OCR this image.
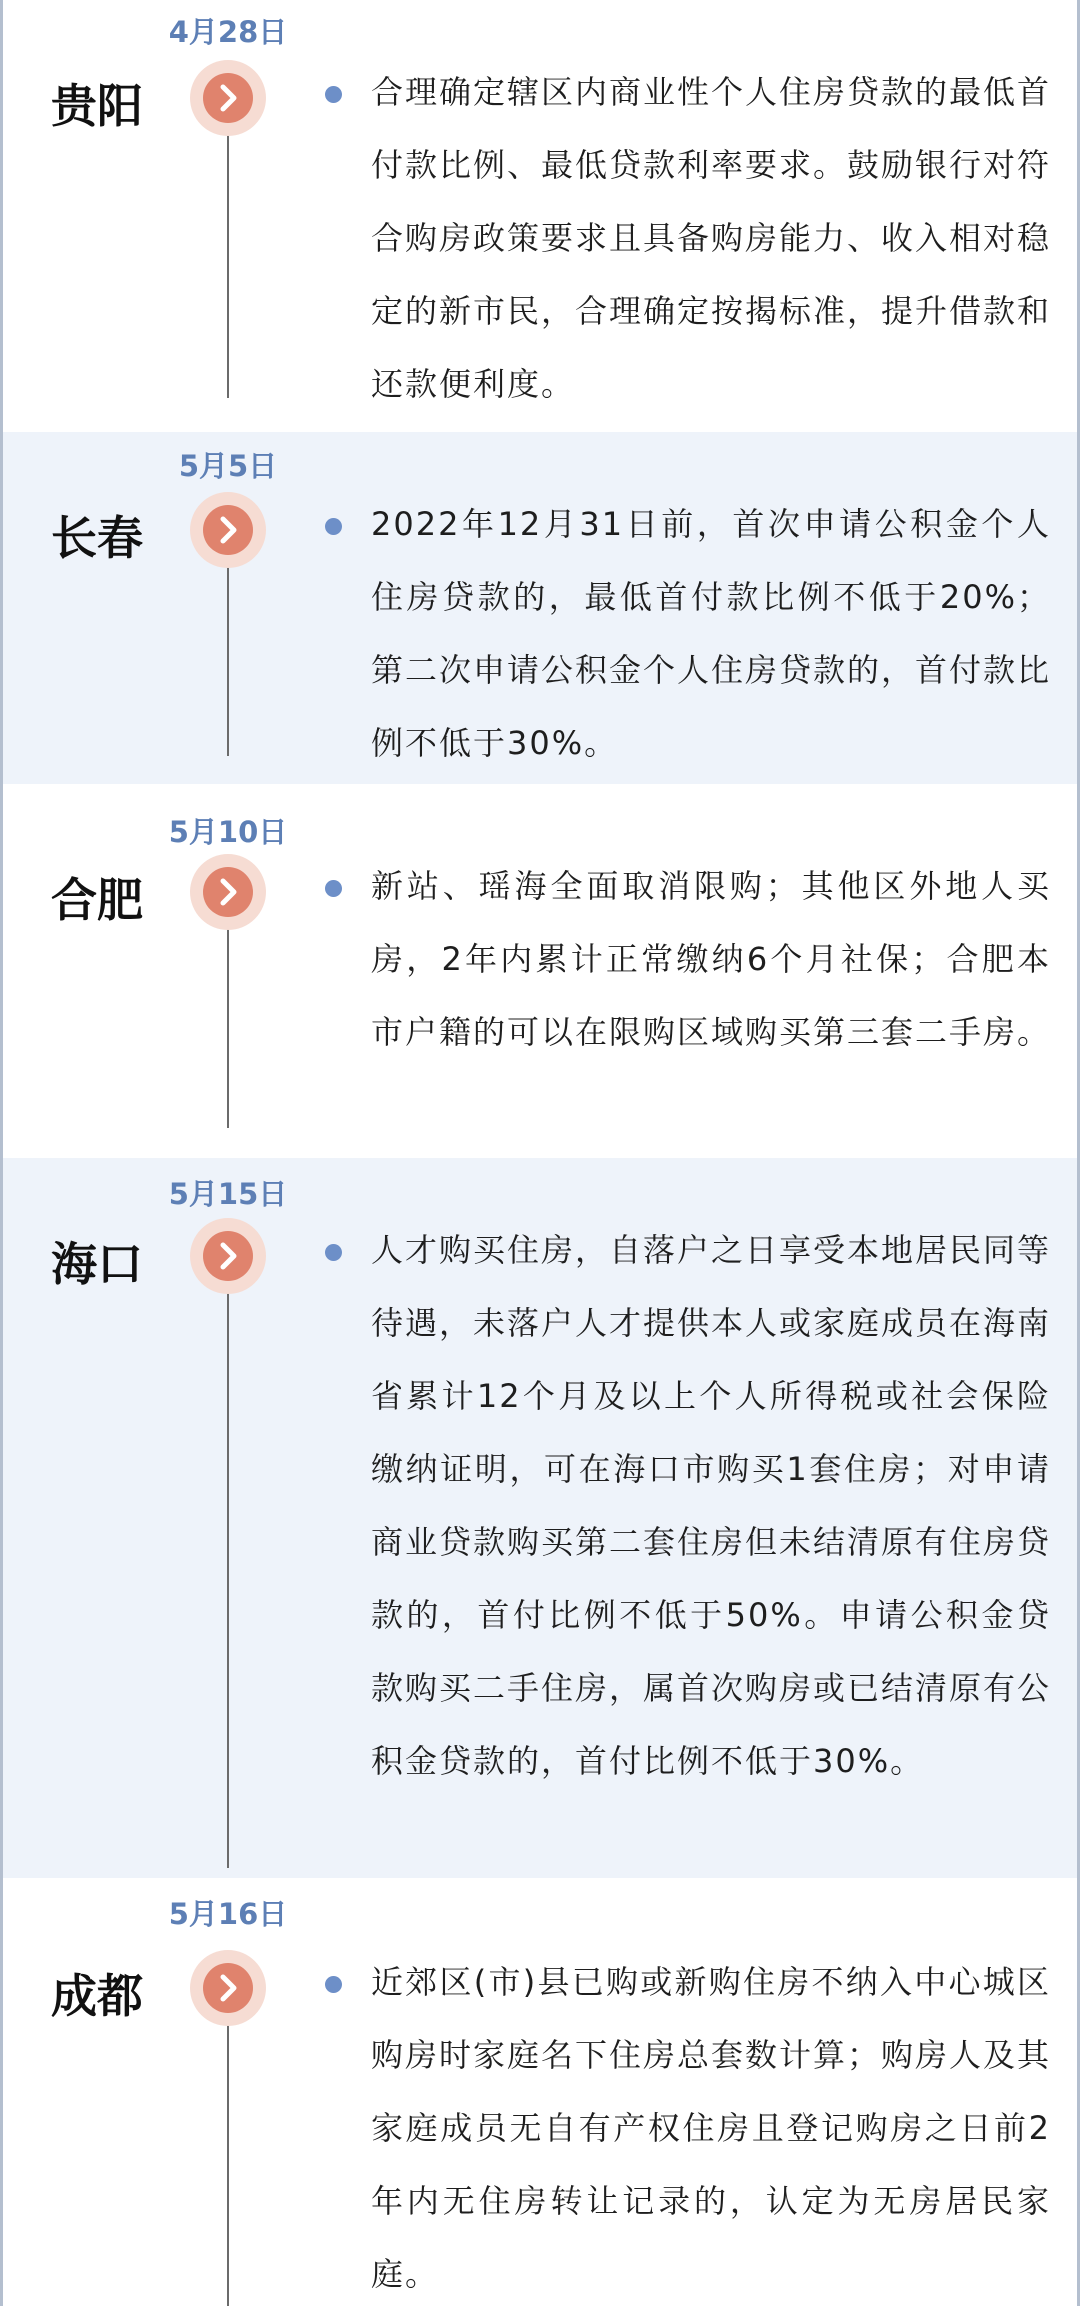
4月28日
贵阳	合理确定辖区内商业性个人住房贷款的最低首付款比例、最低贷款利率要求。鼓励银行对符合购房政策要求且具备购房能力、收入相对稳定的新市民，合理确定按揭标准，提升借款和还款便利度。
5月5日
长春	2022年12月31日前，首次申请公积金个人住房贷款的，最低首付款比例不低于20%；第二次申请公积金个人住房贷款的，首付款比例不低于30%。
5月10日
合肥	新站、瑶海全面取消限购；其他区外地人买房，2年内累计正常缴纳6个月社保；合肥本市户籍的可以在限购区域购买第三套二手房。
5月15日
海口	人才购买住房，自落户之日享受本地居民同等待遇，未落户人才提供本人或家庭成员在海南省累计12个月及以上个人所得税或社会保险缴纳证明，可在海口市购买1套住房；对申请商业贷款购买第二套住房但未结清原有住房贷款的，首付比例不低于50%。申请公积金贷款购买二手住房，属首次购房或已结清原有公积金贷款的，首付比例不低于30%。
5月16日
成都	近郊区(市)县已购或新购住房不纳入中心城区购房时家庭名下住房总套数计算；购房人及其家庭成员无自有产权住房且登记购房之日前2年内无住房转让记录的，认定为无房居民家庭。
